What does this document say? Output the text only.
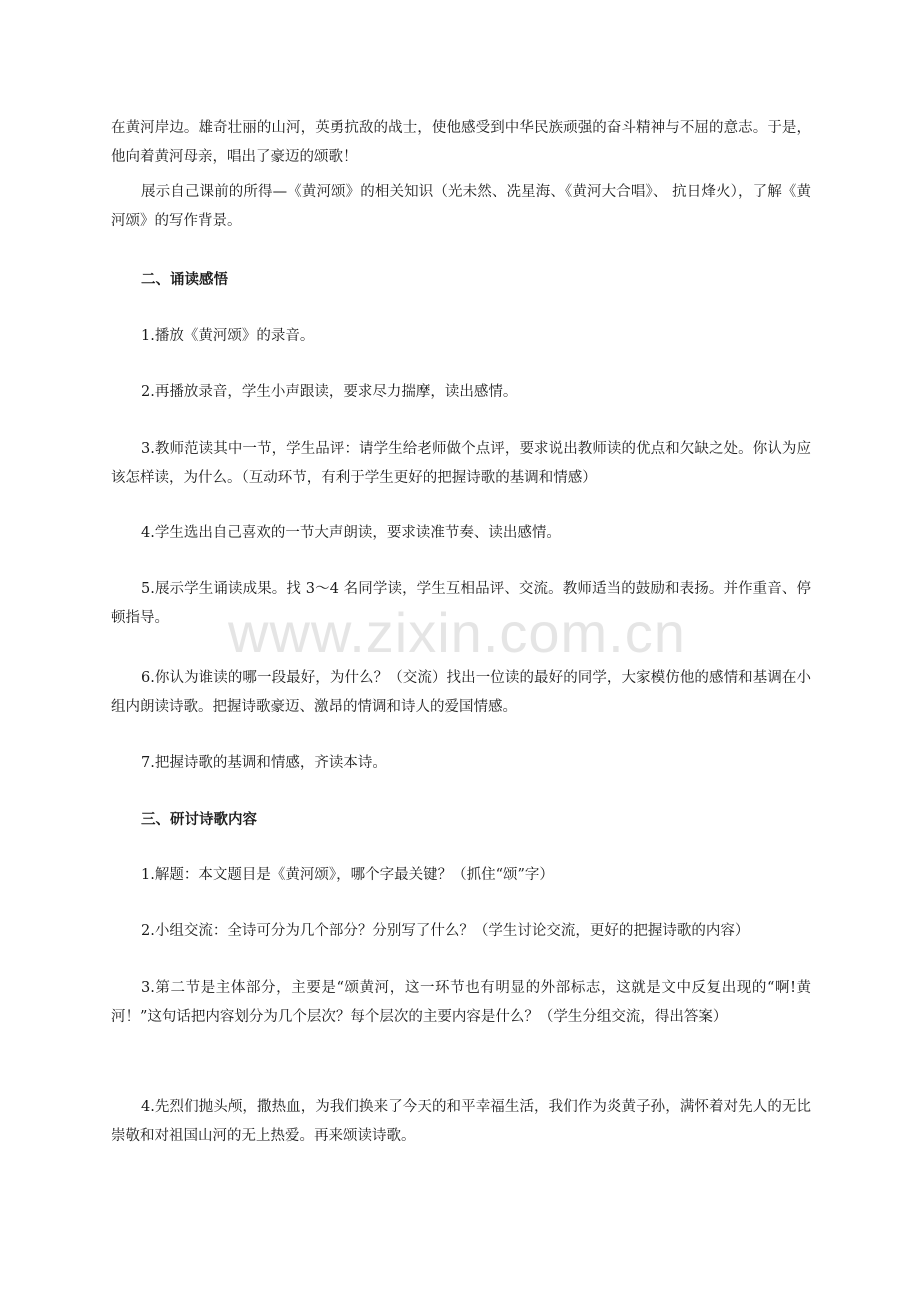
www.zixin.com.cn

在黄河岸边。雄奇壮丽的山河，英勇抗敌的战士，使他感受到中华民族顽强的奋斗精神与不屈的意志。于是，他向着黄河母亲，唱出了豪迈的颂歌！

展示自己课前的所得—《黄河颂》的相关知识（光未然、冼星海、《黄河大合唱》、 抗日烽火），了解《黄河颂》的写作背景。

二、诵读感悟
1.播放《黄河颂》的录音。
2.再播放录音，学生小声跟读，要求尽力揣摩，读出感情。
3.教师范读其中一节，学生品评：请学生给老师做个点评，要求说出教师读的优点和欠缺之处。你认为应该怎样读，为什么。（互动环节，有利于学生更好的把握诗歌的基调和情感）
4.学生选出自己喜欢的一节大声朗读，要求读准节奏、读出感情。
5.展示学生诵读成果。找 3～4 名同学读，学生互相品评、交流。教师适当的鼓励和表扬。并作重音、停顿指导。
6.你认为谁读的哪一段最好，为什么？（交流）找出一位读的最好的同学，大家模仿他的感情和基调在小组内朗读诗歌。把握诗歌豪迈、激昂的情调和诗人的爱国情感。
7.把握诗歌的基调和情感，齐读本诗。
三、研讨诗歌内容
1.解题：本文题目是《黄河颂》，哪个字最关键？（抓住“颂”字）
2.小组交流：全诗可分为几个部分？分别写了什么？（学生讨论交流，更好的把握诗歌的内容）
3.第二节是主体部分，主要是“颂黄河，这一环节也有明显的外部标志，这就是文中反复出现的“啊!黄河！”这句话把内容划分为几个层次？每个层次的主要内容是什么？（学生分组交流，得出答案）
4.先烈们抛头颅，撒热血，为我们换来了今天的和平幸福生活，我们作为炎黄子孙，满怀着对先人的无比崇敬和对祖国山河的无上热爱。再来颂读诗歌。
